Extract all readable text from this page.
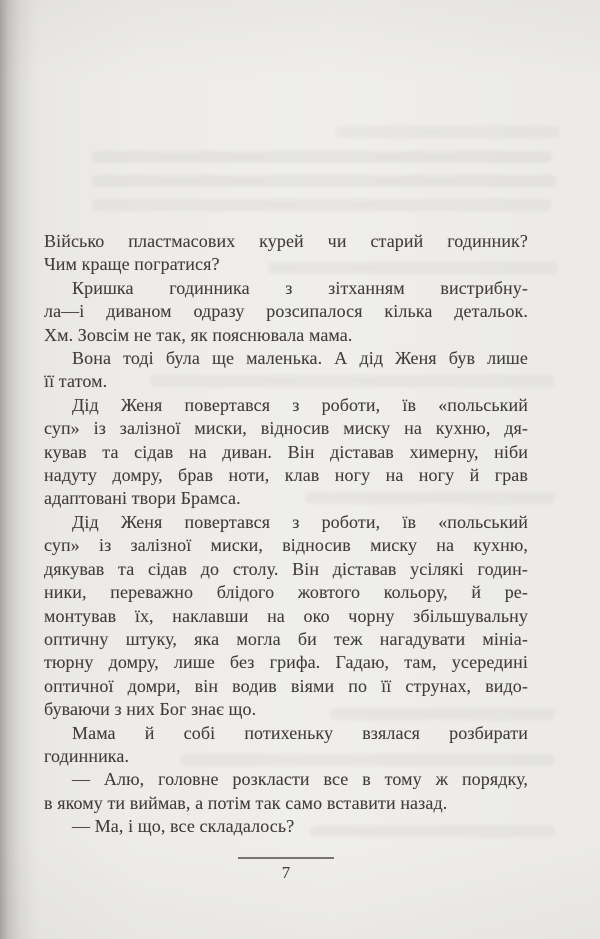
Військо пластмасових курей чи старий годинник?
Чим краще погратися?
Кришка годинника з зітханням вистрибну-
ла—і диваном одразу розсипалося кілька детальок.
Хм. Зовсім не так, як пояснювала мама.
Вона тоді була ще маленька. А дід Женя був лише
її татом.
Дід Женя повертався з роботи, їв «польський
суп» із залізної миски, відносив миску на кухню, дя-
кував та сідав на диван. Він діставав химерну, ніби
надуту домру, брав ноти, клав ногу на ногу й грав
адаптовані твори Брамса.
Дід Женя повертався з роботи, їв «польський
суп» із залізної миски, відносив миску на кухню,
дякував та сідав до столу. Він діставав усілякі годин-
ники, переважно блідого жовтого кольору, й ре-
монтував їх, наклавши на око чорну збільшувальну
оптичну штуку, яка могла би теж нагадувати мініа-
тюрну домру, лише без грифа. Гадаю, там, усередині
оптичної домри, він водив віями по її струнах, видо-
буваючи з них Бог знає що.
Мама й собі потихеньку взялася розбирати
годинника.
— Алю, головне розкласти все в тому ж порядку,
в якому ти виймав, а потім так само вставити назад.
— Ма, і що, все складалось?
7
